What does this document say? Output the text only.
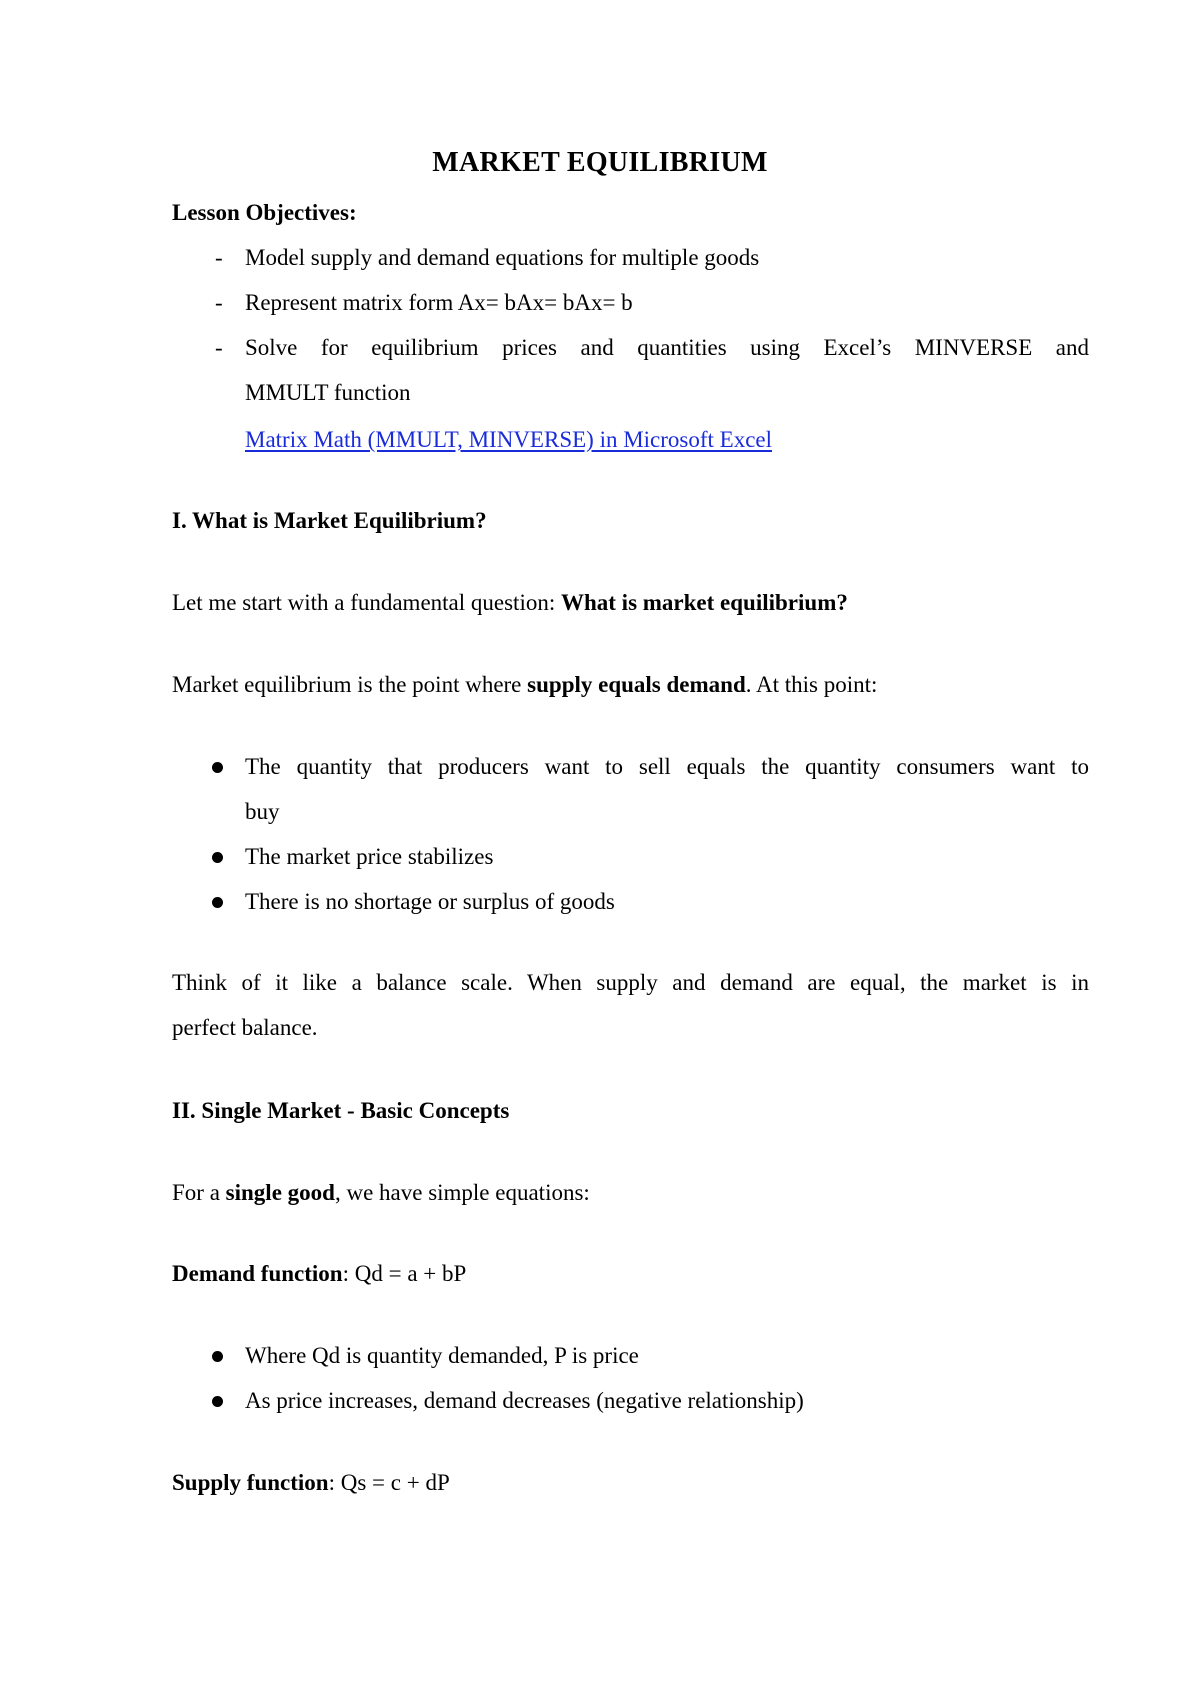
MARKET EQUILIBRIUM
Lesson Objectives:
- Model supply and demand equations for multiple goods
- Represent matrix form Ax= bAx= bAx= b
- Solve for equilibrium prices and quantities using Excel’s MINVERSE and
MMULT function
Matrix Math (MMULT, MINVERSE) in Microsoft Excel
I. What is Market Equilibrium?
Let me start with a fundamental question: What is market equilibrium?
Market equilibrium is the point where supply equals demand. At this point:
The quantity that producers want to sell equals the quantity consumers want to
buy
The market price stabilizes
There is no shortage or surplus of goods
Think of it like a balance scale. When supply and demand are equal, the market is in
perfect balance.
II. Single Market - Basic Concepts
For a single good, we have simple equations:
Demand function: Qd = a + bP
Where Qd is quantity demanded, P is price
As price increases, demand decreases (negative relationship)
Supply function: Qs = c + dP
